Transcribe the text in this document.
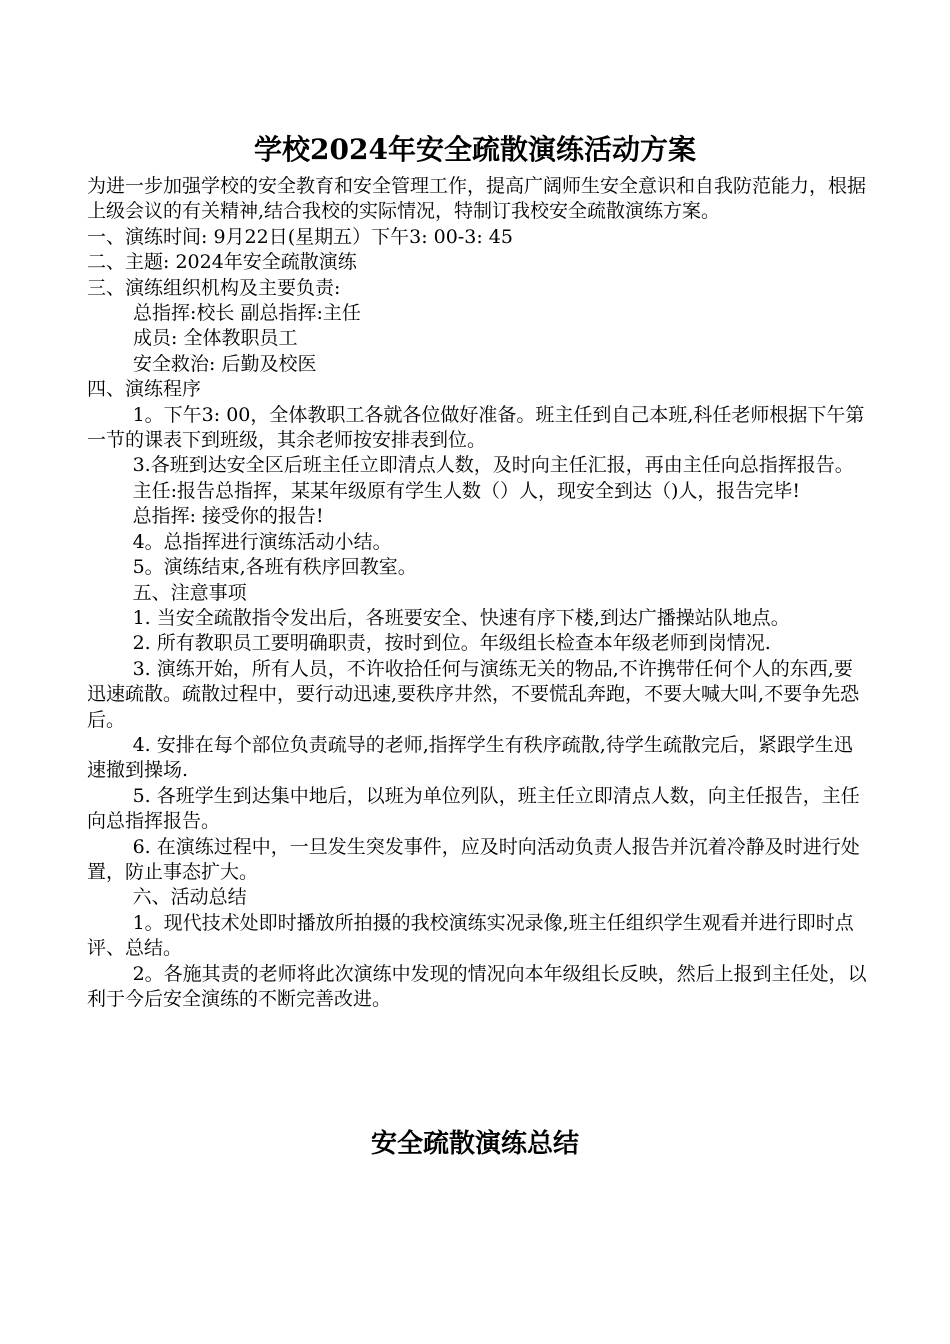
学校2024年安全疏散演练活动方案

为进一步加强学校的安全教育和安全管理工作，提高广阔师生安全意识和自我防范能力，根据上级会议的有关精神,结合我校的实际情况，特制订我校安全疏散演练方案。

一、演练时间: 9月22日(星期五）下午3: 00-3: 45

二、主题: 2024年安全疏散演练

三、演练组织机构及主要负责:

总指挥:校长 副总指挥:主任

成员: 全体教职员工

安全救治: 后勤及校医

四、演练程序

1。下午3: 00，全体教职工各就各位做好准备。班主任到自己本班,科任老师根据下午第一节的课表下到班级，其余老师按安排表到位。

3.各班到达安全区后班主任立即清点人数，及时向主任汇报，再由主任向总指挥报告。

主任:报告总指挥，某某年级原有学生人数（）人，现安全到达（)人，报告完毕!

总指挥: 接受你的报告!

4。总指挥进行演练活动小结。

5。演练结束,各班有秩序回教室。

五、注意事项

1. 当安全疏散指令发出后，各班要安全、快速有序下楼,到达广播操站队地点。

2. 所有教职员工要明确职责，按时到位。年级组长检查本年级老师到岗情况.

3. 演练开始，所有人员，不许收拾任何与演练无关的物品,不许携带任何个人的东西,要迅速疏散。疏散过程中，要行动迅速,要秩序井然，不要慌乱奔跑，不要大喊大叫,不要争先恐后。

4. 安排在每个部位负责疏导的老师,指挥学生有秩序疏散,待学生疏散完后，紧跟学生迅速撤到操场.

5. 各班学生到达集中地后，以班为单位列队，班主任立即清点人数，向主任报告，主任向总指挥报告。

6. 在演练过程中，一旦发生突发事件，应及时向活动负责人报告并沉着冷静及时进行处置，防止事态扩大。

六、活动总结

1。现代技术处即时播放所拍摄的我校演练实况录像,班主任组织学生观看并进行即时点评、总结。

2。各施其责的老师将此次演练中发现的情况向本年级组长反映，然后上报到主任处，以利于今后安全演练的不断完善改进。

安全疏散演练总结
